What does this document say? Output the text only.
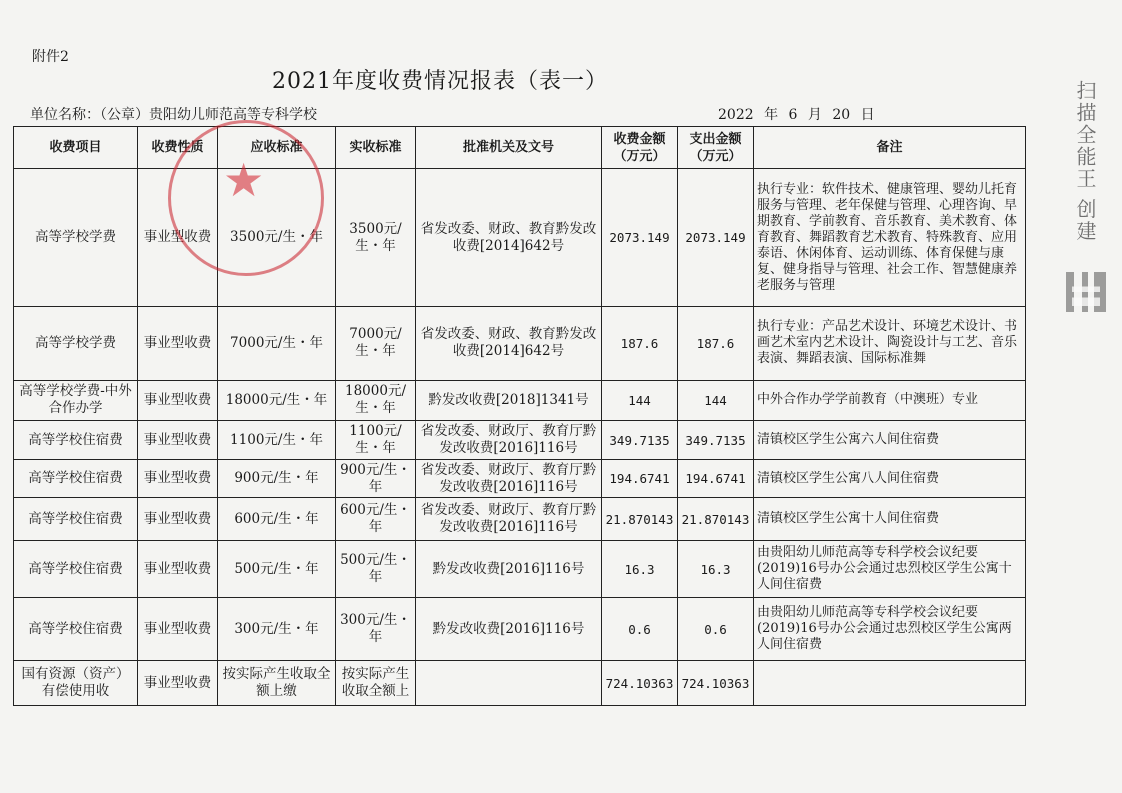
附件2
2021年度收费情况报表（表一）
单位名称：（公章）贵阳幼儿师范高等专科学校	2022 年 6 月 20 日	扫描全能王 创建
收费项目	收费性质	应收标准	实收标准	批准机关及文号	收费金额（万元）	支出金额（万元）	备注
高等学校学费	事业型收费	3500元/生・年	3500元/生・年	省发改委、财政、教育黔发改收费[2014]642号	2073.149	2073.149	执行专业：软件技术、健康管理、婴幼儿托育服务与管理、老年保健与管理、心理咨询、早期教育、学前教育、音乐教育、美术教育、体育教育、舞蹈教育艺术教育、特殊教育、应用泰语、休闲体育、运动训练、体育保健与康复、健身指导与管理、社会工作、智慧健康养老服务与管理
高等学校学费	事业型收费	7000元/生・年	7000元/生・年	省发改委、财政、教育黔发改收费[2014]642号	187.6	187.6	执行专业：产品艺术设计、环境艺术设计、书画艺术室内艺术设计、陶瓷设计与工艺、音乐表演、舞蹈表演、国际标准舞
高等学校学费-中外合作办学	事业型收费	18000元/生・年	18000元/生・年	黔发改收费[2018]1341号	144	144	中外合作办学学前教育（中澳班）专业
高等学校住宿费	事业型收费	1100元/生・年	1100元/生・年	省发改委、财政厅、教育厅黔发改收费[2016]116号	349.7135	349.7135	清镇校区学生公寓六人间住宿费
高等学校住宿费	事业型收费	900元/生・年	900元/生・年	省发改委、财政厅、教育厅黔发改收费[2016]116号	194.6741	194.6741	清镇校区学生公寓八人间住宿费
高等学校住宿费	事业型收费	600元/生・年	600元/生・年	省发改委、财政厅、教育厅黔发改收费[2016]116号	21.870143	21.870143	清镇校区学生公寓十人间住宿费
高等学校住宿费	事业型收费	500元/生・年	500元/生・年	黔发改收费[2016]116号	16.3	16.3	由贵阳幼儿师范高等专科学校会议纪要(2019)16号办公会通过忠烈校区学生公寓十人间住宿费
高等学校住宿费	事业型收费	300元/生・年	300元/生・年	黔发改收费[2016]116号	0.6	0.6	由贵阳幼儿师范高等专科学校会议纪要(2019)16号办公会通过忠烈校区学生公寓两人间住宿费
国有资源（资产）有偿使用收	事业型收费	按实际产生收取全额上缴	按实际产生收取全额上		724.10363	724.10363	
★
